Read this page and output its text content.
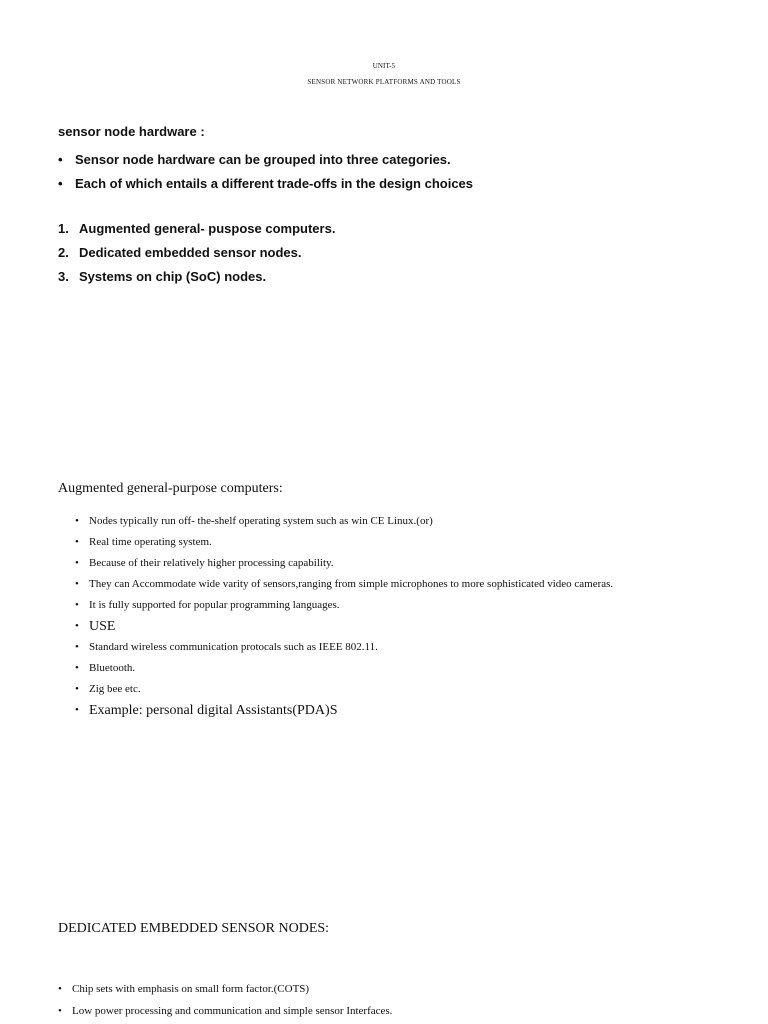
UNIT-5
SENSOR NETWORK PLATFORMS AND TOOLS
sensor node hardware :
• Sensor node hardware can be grouped into three categories.
• Each of which entails a different trade-offs in the design choices
1. Augmented general- puspose computers.
2. Dedicated embedded sensor nodes.
3. Systems on chip (SoC) nodes.
Augmented general-purpose computers:
• Nodes typically run off- the-shelf operating system such as win CE Linux.(or)
• Real time operating system.
• Because of their relatively higher processing capability.
• They can Accommodate wide varity of sensors,ranging from simple microphones to more sophisticated video cameras.
• It is fully supported for popular programming languages.
• USE
• Standard wireless communication protocals such as IEEE 802.11.
• Bluetooth.
• Zig bee etc.
• Example: personal digital Assistants(PDA)S
DEDICATED EMBEDDED SENSOR NODES:
• Chip sets with emphasis on small form factor.(COTS)
• Low power processing and communication and simple sensor Interfaces.
